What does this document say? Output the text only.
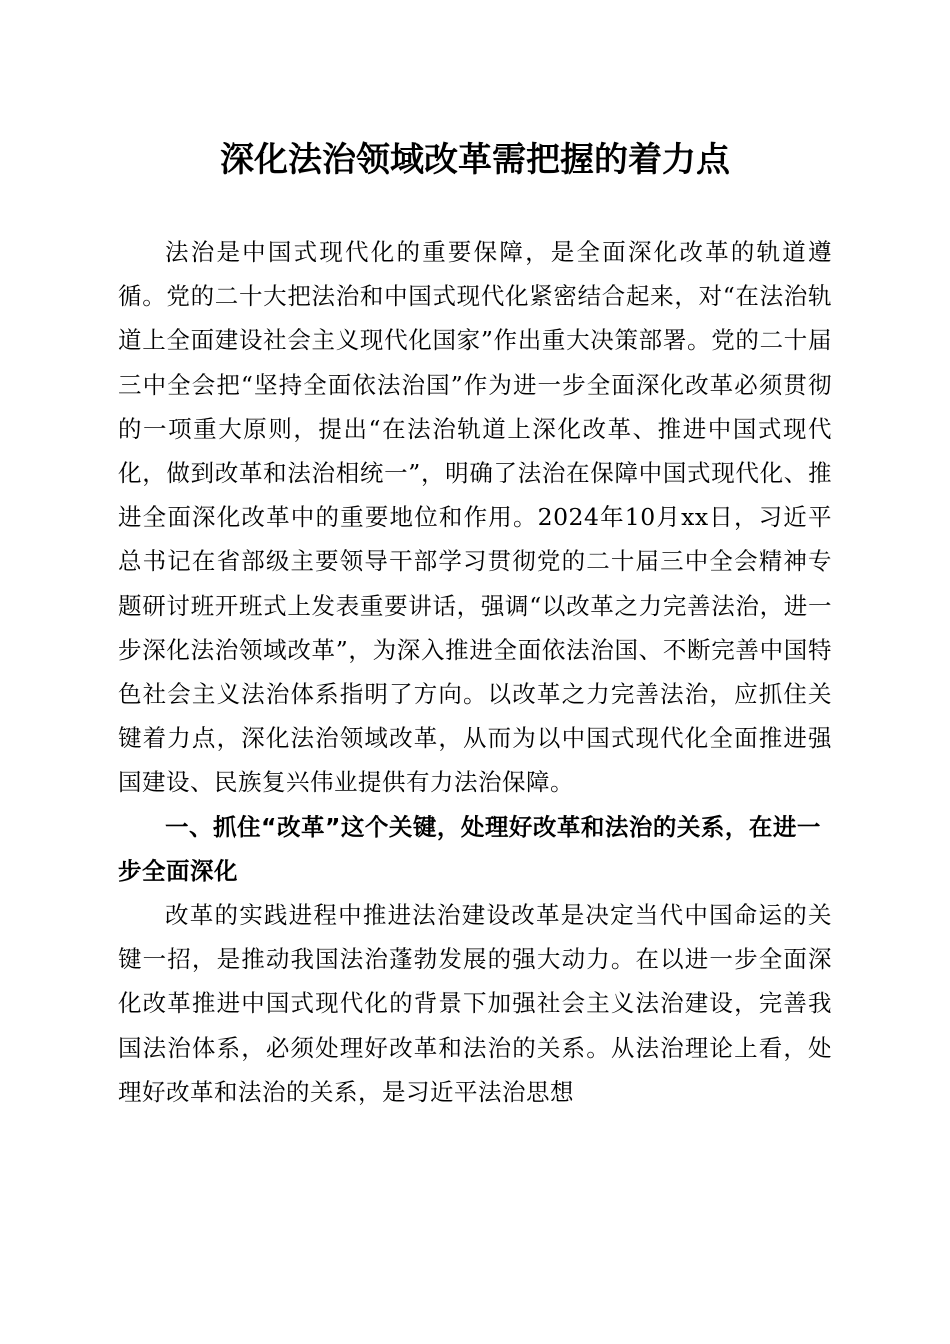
深化法治领域改革需把握的着力点

法治是中国式现代化的重要保障，是全面深化改革的轨道遵循。党的二十大把法治和中国式现代化紧密结合起来，对“在法治轨道上全面建设社会主义现代化国家”作出重大决策部署。党的二十届三中全会把“坚持全面依法治国”作为进一步全面深化改革必须贯彻的一项重大原则，提出“在法治轨道上深化改革、推进中国式现代化，做到改革和法治相统一”，明确了法治在保障中国式现代化、推进全面深化改革中的重要地位和作用。2024年10月xx日，习近平总书记在省部级主要领导干部学习贯彻党的二十届三中全会精神专题研讨班开班式上发表重要讲话，强调“以改革之力完善法治，进一步深化法治领域改革”，为深入推进全面依法治国、不断完善中国特色社会主义法治体系指明了方向。以改革之力完善法治，应抓住关键着力点，深化法治领域改革，从而为以中国式现代化全面推进强国建设、民族复兴伟业提供有力法治保障。

一、抓住“改革”这个关键，处理好改革和法治的关系，在进一步全面深化

改革的实践进程中推进法治建设改革是决定当代中国命运的关键一招，是推动我国法治蓬勃发展的强大动力。在以进一步全面深化改革推进中国式现代化的背景下加强社会主义法治建设，完善我国法治体系，必须处理好改革和法治的关系。从法治理论上看，处理好改革和法治的关系，是习近平法治思想
